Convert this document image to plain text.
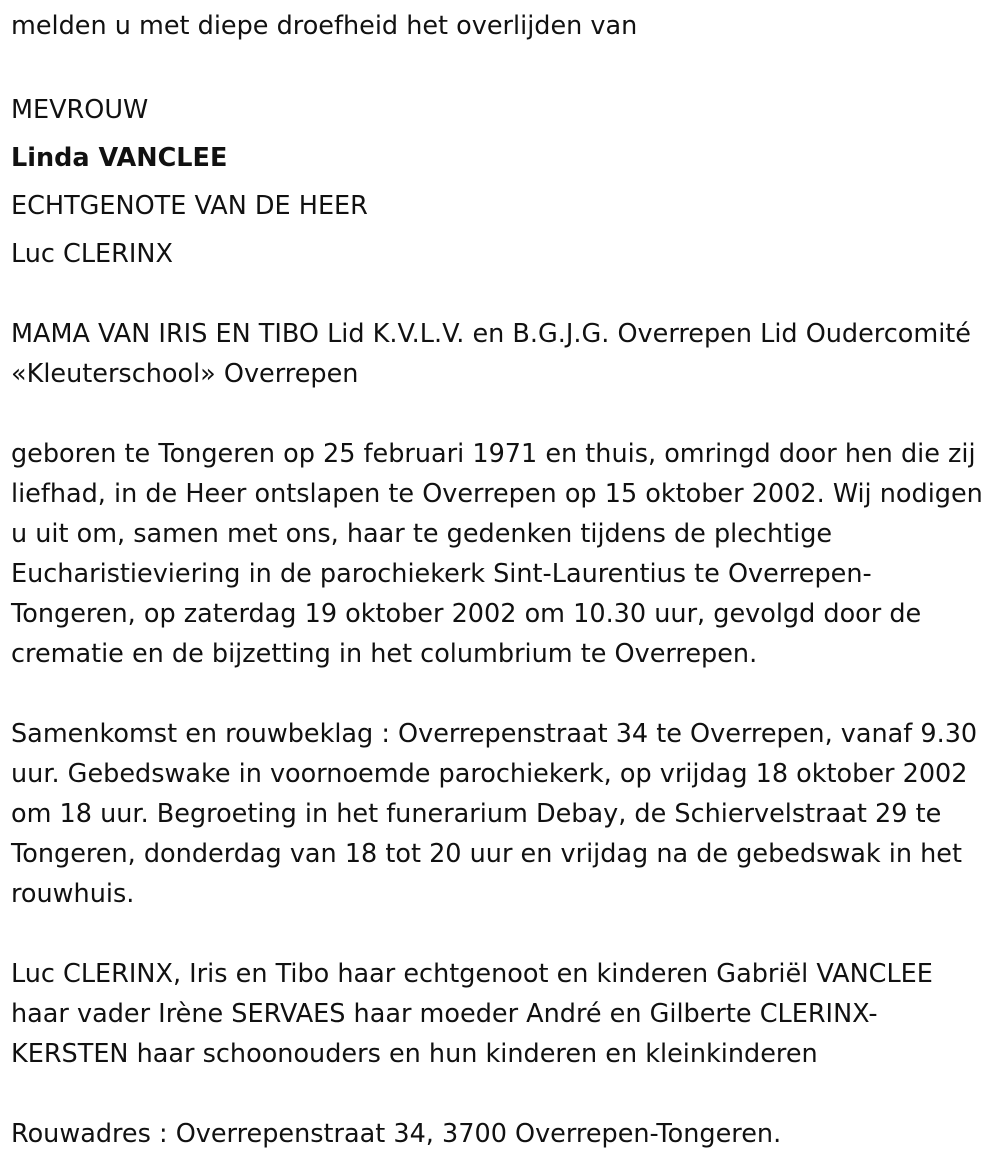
melden u met diepe droefheid het overlijden van

MEVROUW

Linda VANCLEE

ECHTGENOTE VAN DE HEER

Luc CLERINX

MAMA VAN IRIS EN TIBO Lid K.V.L.V. en B.G.J.G. Overrepen Lid Oudercomité «Kleuterschool» Overrepen

geboren te Tongeren op 25 februari 1971 en thuis, omringd door hen die zij liefhad, in de Heer ontslapen te Overrepen op 15 oktober 2002. Wij nodigen u uit om, samen met ons, haar te gedenken tijdens de plechtige Eucharistieviering in de parochiekerk Sint-Laurentius te Overrepen-Tongeren, op zaterdag 19 oktober 2002 om 10.30 uur, gevolgd door de crematie en de bijzetting in het columbrium te Overrepen.

Samenkomst en rouwbeklag : Overrepenstraat 34 te Overrepen, vanaf 9.30 uur. Gebedswake in voornoemde parochiekerk, op vrijdag 18 oktober 2002 om 18 uur. Begroeting in het funerarium Debay, de Schiervelstraat 29 te Tongeren, donderdag van 18 tot 20 uur en vrijdag na de gebedswak in het rouwhuis.

Luc CLERINX, Iris en Tibo haar echtgenoot en kinderen Gabriël VANCLEE haar vader Irène SERVAES haar moeder André en Gilberte CLERINX-KERSTEN haar schoonouders en hun kinderen en kleinkinderen

Rouwadres : Overrepenstraat 34, 3700 Overrepen-Tongeren.
